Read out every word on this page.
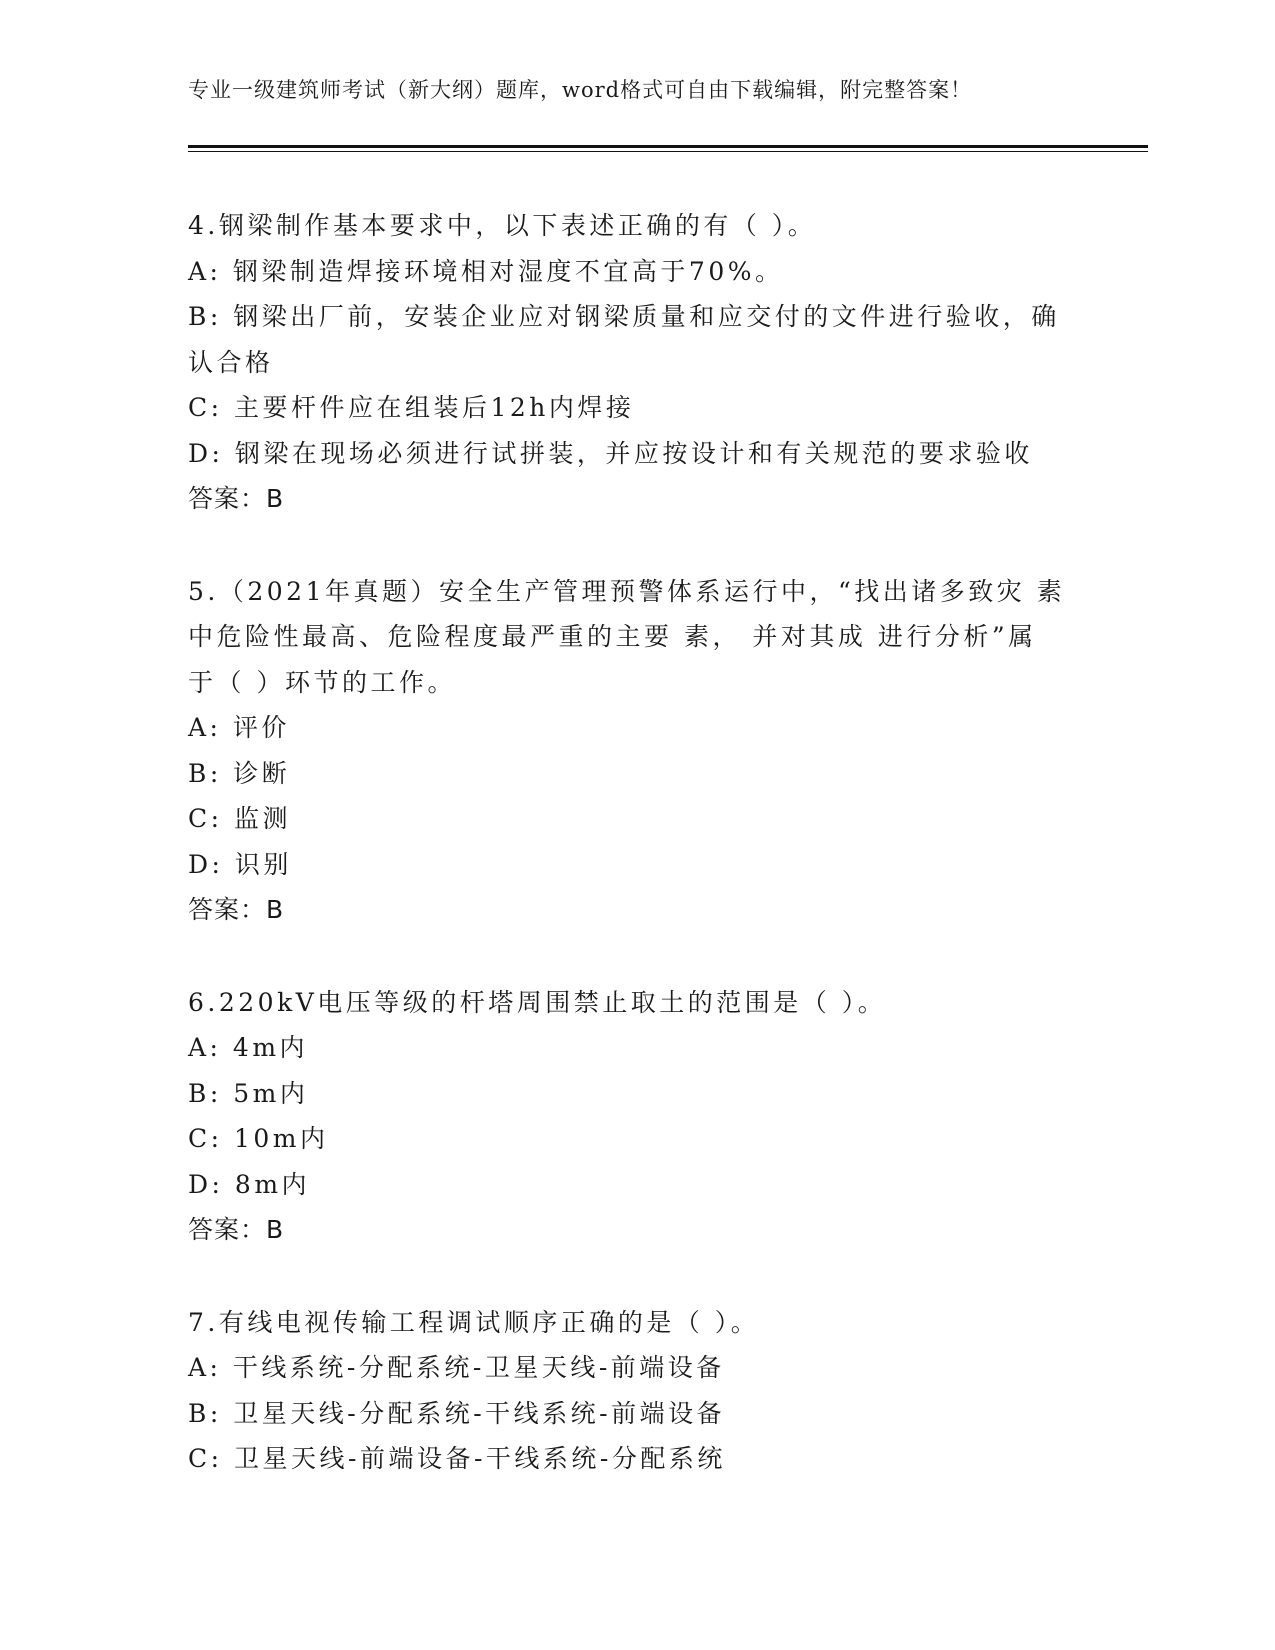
专业一级建筑师考试（新大纲）题库，word格式可自由下载编辑，附完整答案！
4.钢梁制作基本要求中，以下表述正确的有（ ）。
A: 钢梁制造焊接环境相对湿度不宜高于70%。
B: 钢梁出厂前，安装企业应对钢梁质量和应交付的文件进行验收，确
认合格
C: 主要杆件应在组装后12h内焊接
D: 钢梁在现场必须进行试拼装，并应按设计和有关规范的要求验收
答案：B
5.（2021年真题）安全生产管理预警体系运行中，“找出诸多致灾 素
中危险性最高、危险程度最严重的主要 素， 并对其成 进行分析”属
于（ ）环节的工作。
A: 评价
B: 诊断
C: 监测
D: 识别
答案：B
6.220kV电压等级的杆塔周围禁止取土的范围是（ ）。
A: 4m内
B: 5m内
C: 10m内
D: 8m内
答案：B
7.有线电视传输工程调试顺序正确的是（ ）。
A: 干线系统-分配系统-卫星天线-前端设备
B: 卫星天线-分配系统-干线系统-前端设备
C: 卫星天线-前端设备-干线系统-分配系统
